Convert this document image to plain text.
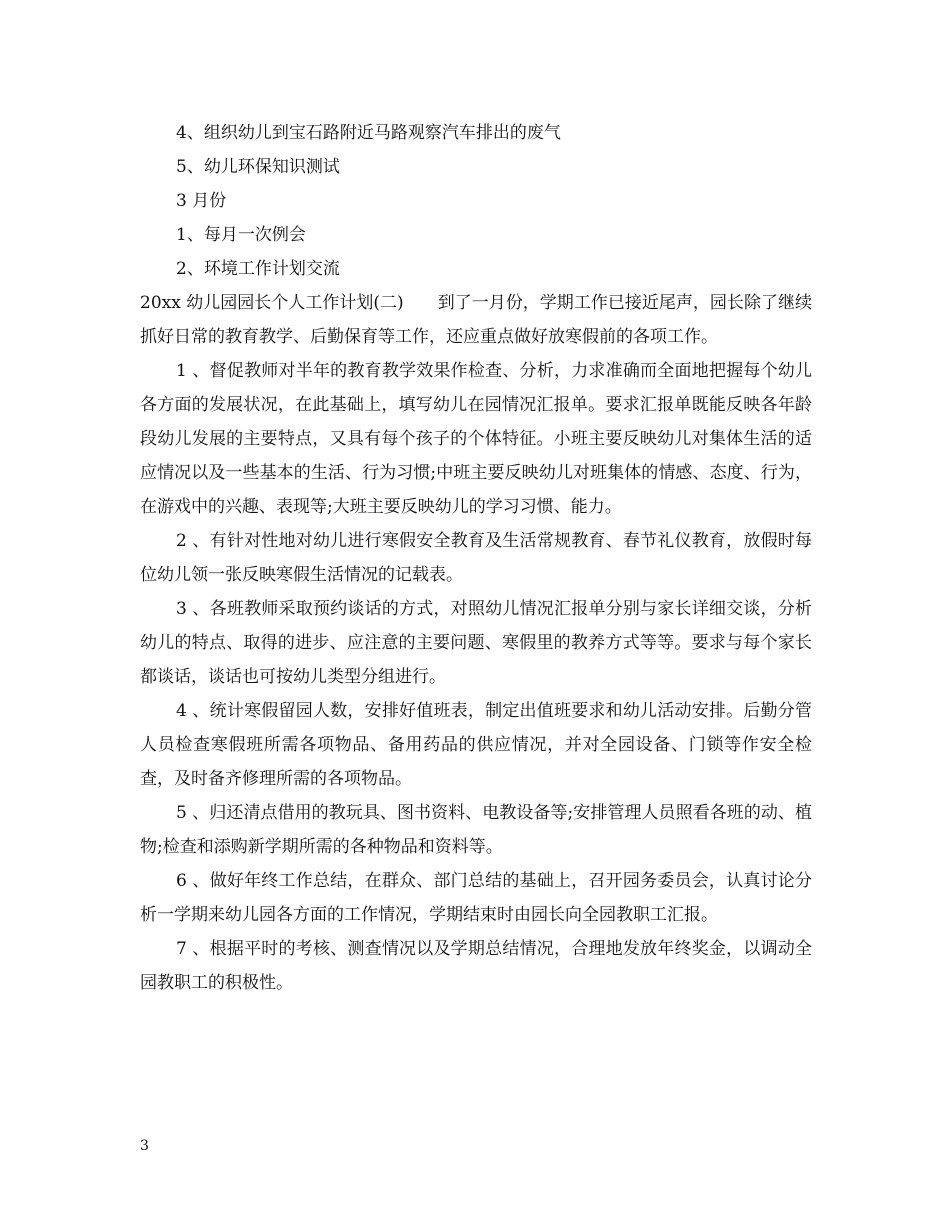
4、组织幼儿到宝石路附近马路观察汽车排出的废气
5、幼儿环保知识测试
3 月份
1、每月一次例会
2、环境工作计划交流
20xx 幼儿园园长个人工作计划(二)　　到了一月份，学期工作已接近尾声，园长除了继续抓好日常的教育教学、后勤保育等工作，还应重点做好放寒假前的各项工作。
1 、督促教师对半年的教育教学效果作检查、分析，力求准确而全面地把握每个幼儿各方面的发展状况，在此基础上，填写幼儿在园情况汇报单。要求汇报单既能反映各年龄段幼儿发展的主要特点，又具有每个孩子的个体特征。小班主要反映幼儿对集体生活的适应情况以及一些基本的生活、行为习惯;中班主要反映幼儿对班集体的情感、态度、行为，在游戏中的兴趣、表现等;大班主要反映幼儿的学习习惯、能力。
2 、有针对性地对幼儿进行寒假安全教育及生活常规教育、春节礼仪教育，放假时每位幼儿领一张反映寒假生活情况的记载表。
3 、各班教师采取预约谈话的方式，对照幼儿情况汇报单分别与家长详细交谈，分析幼儿的特点、取得的进步、应注意的主要问题、寒假里的教养方式等等。要求与每个家长都谈话，谈话也可按幼儿类型分组进行。
4 、统计寒假留园人数，安排好值班表，制定出值班要求和幼儿活动安排。后勤分管人员检查寒假班所需各项物品、备用药品的供应情况，并对全园设备、门锁等作安全检查，及时备齐修理所需的各项物品。
5 、归还清点借用的教玩具、图书资料、电教设备等;安排管理人员照看各班的动、植物;检查和添购新学期所需的各种物品和资料等。
6 、做好年终工作总结，在群众、部门总结的基础上，召开园务委员会，认真讨论分析一学期来幼儿园各方面的工作情况，学期结束时由园长向全园教职工汇报。
7 、根据平时的考核、测查情况以及学期总结情况，合理地发放年终奖金，以调动全园教职工的积极性。
3
